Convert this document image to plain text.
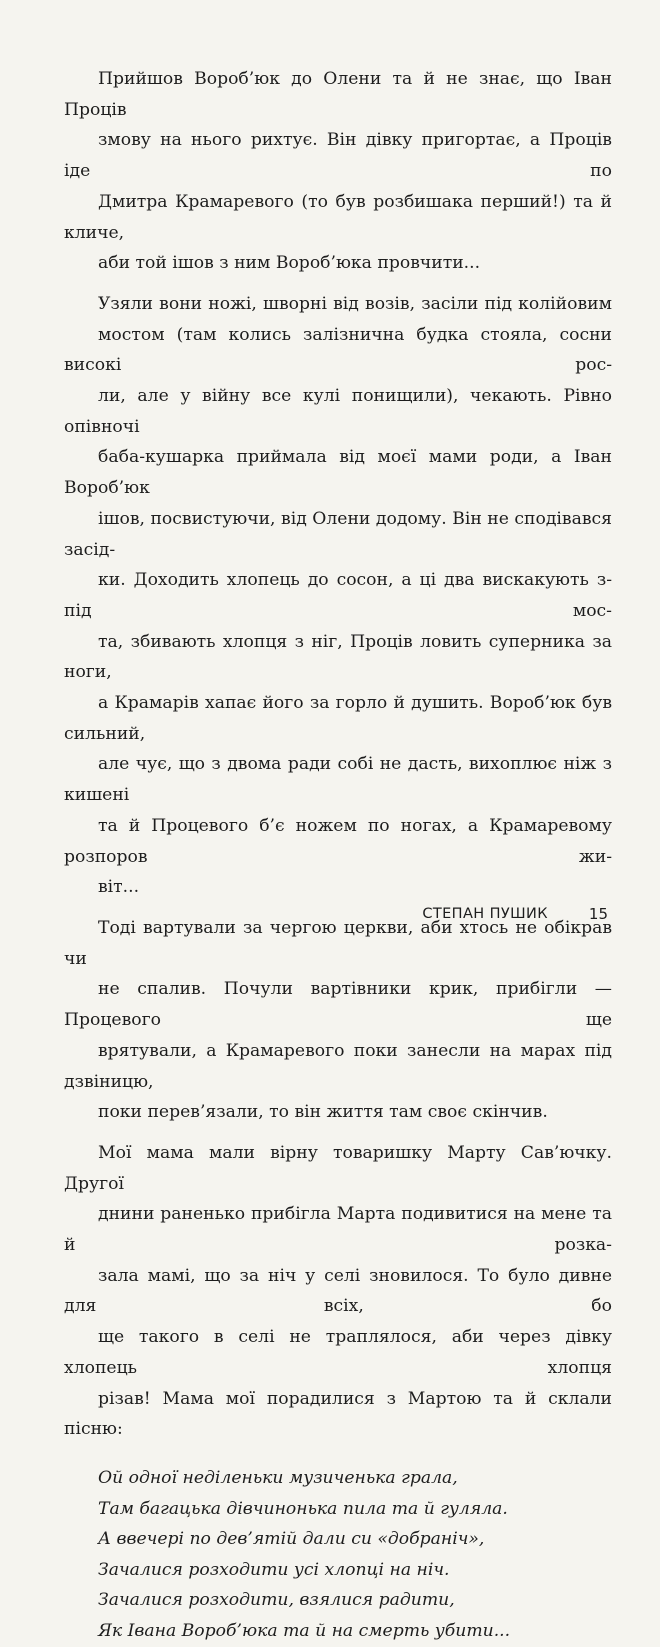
Прийшов Вороб’юк до Олени та й не знає, що Іван Проців
змову на нього рихтує. Він дівку пригортає, а Проців іде по
Дмитра Крамаревого (то був розбишака перший!) та й кличе,
аби той ішов з ним Вороб’юка провчити...

Узяли вони ножі, шворні від возів, засіли під колійовим
мостом (там колись залізнична будка стояла, сосни високі рос-
ли, але у війну все кулі понищили), чекають. Рівно опівночі
баба-кушарка приймала від моєї мами роди, а Іван Вороб’юк
ішов, посвистуючи, від Олени додому. Він не сподівався засід-
ки. Доходить хлопець до сосон, а ці два вискакують з-під мос-
та, збивають хлопця з ніг, Проців ловить суперника за ноги,
а Крамарів хапає його за горло й душить. Вороб’юк був сильний,
але чує, що з двома ради собі не дасть, вихоплює ніж з кишені
та й Процевого б’є ножем по ногах, а Крамаревому розпоров жи-
віт...

Тоді вартували за чергою церкви, аби хтось не обікрав чи
не спалив. Почули вартівники крик, прибігли — Процевого ще
врятували, а Крамаревого поки занесли на марах під дзвіницю,
поки перев’язали, то він життя там своє скінчив.

Мої мама мали вірну товаришку Марту Сав’ючку. Другої
днини раненько прибігла Марта подивитися на мене та й розка-
зала мамі, що за ніч у селі зновилося. То було дивне для всіх, бо
ще такого в селі не траплялося, аби через дівку хлопець хлопця
різав! Мама мої порадилися з Мартою та й склали пісню:

Ой одної неділеньки музиченька грала,
Там багацька дівчинонька пила та й гуляла.
А ввечері по дев’ятій дали си «добраніч»,
Зачалися розходити усі хлопці на ніч.
Зачалися розходити, взялися радити,
Як Івана Вороб’юка та й на смерть убити...
СТЕПАН ПУШИК	15
